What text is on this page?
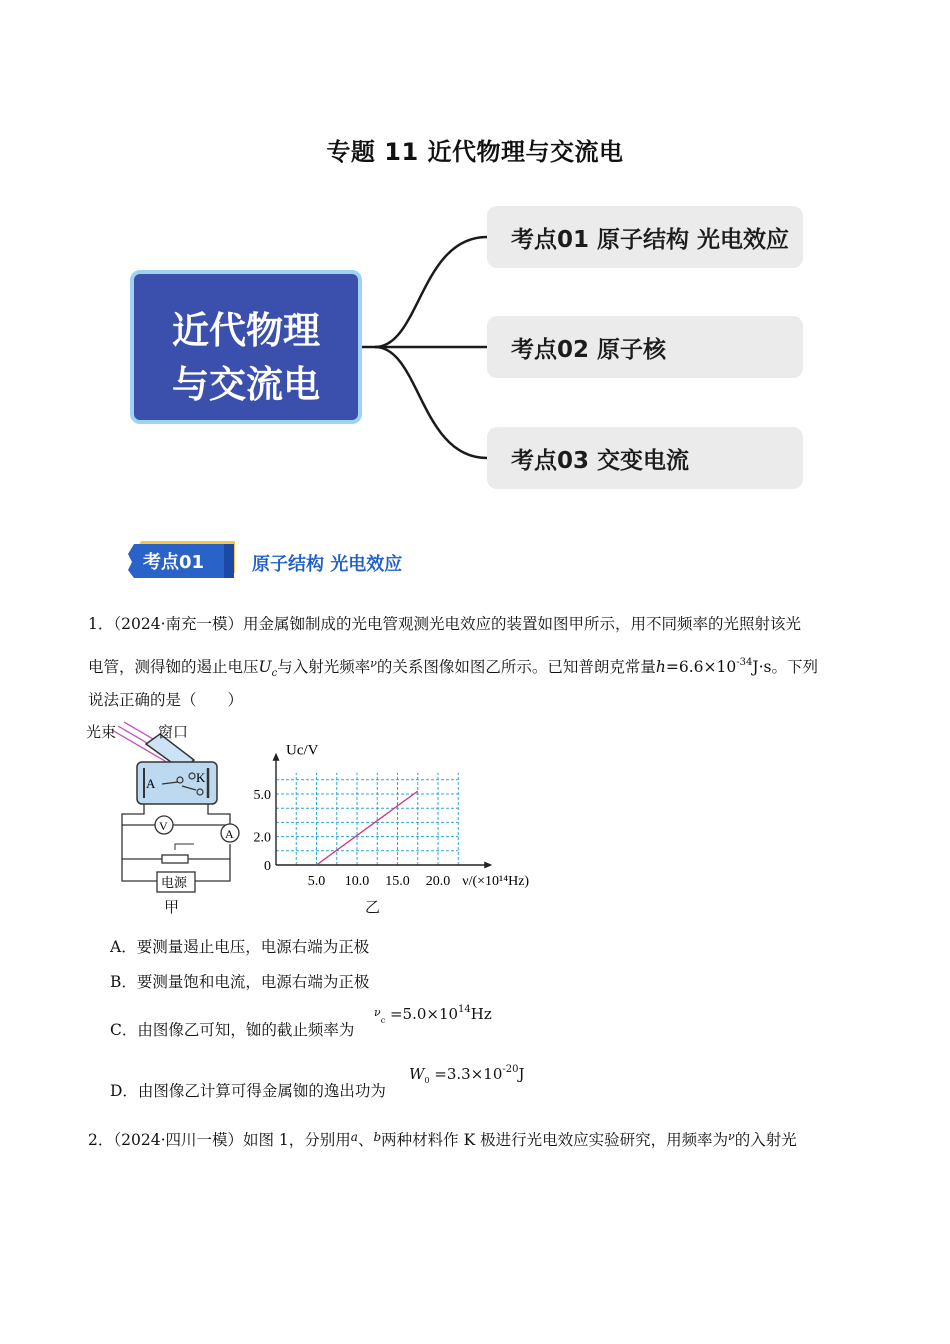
专题 11 近代物理与交流电
近代物理
与交流电
考点01 原子结构 光电效应
考点02 原子核
考点03 交变电流
考点01	原子结构 光电效应
1．（2024·南充一模）用金属铷制成的光电管观测光电效应的装置如图甲所示，用不同频率的光照射该光
电管，测得铷的遏止电压$U_c$与入射光频率$^\nu$的关系图像如图乙所示。已知普朗克常量$h=6.6\times 10^{-34}J\cdot s$。下列
说法正确的是（　　）
A	K
A
V
电源
光束	窗口
甲
5.0 10.0 15.0 20.0
0
2.0
5.0
Uc/V
ν/(×10¹⁴Hz)
乙
A．要测量遏止电压，电源右端为正极
B．要测量饱和电流，电源右端为正极
C．由图像乙可知，铷的截止频率为
$^\nu_c =5.0\times 10^{14}Hz$
D．由图像乙计算可得金属铷的逸出功为
$W_0 =3.3\times 10^{-20}J$
2．（2024·四川一模）如图 1，分别用$^a$、$^b$两种材料作 K 极进行光电效应实验研究，用频率为$^\nu$的入射光
